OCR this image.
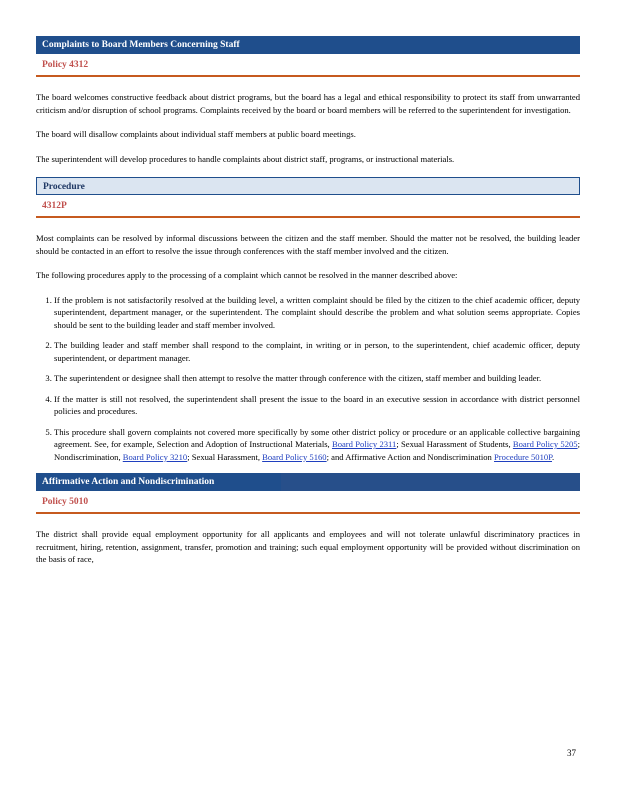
Complaints to Board Members Concerning Staff
Policy 4312

The board welcomes constructive feedback about district programs, but the board has a legal and ethical responsibility to protect its staff from unwarranted criticism and/or disruption of school programs. Complaints received by the board or board members will be referred to the superintendent for investigation.

The board will disallow complaints about individual staff members at public board meetings.

The superintendent will develop procedures to handle complaints about district staff, programs, or instructional materials.

Procedure
4312P

Most complaints can be resolved by informal discussions between the citizen and the staff member. Should the matter not be resolved, the building leader should be contacted in an effort to resolve the issue through conferences with the staff member involved and the citizen.

The following procedures apply to the processing of a complaint which cannot be resolved in the manner described above:

1. If the problem is not satisfactorily resolved at the building level, a written complaint should be filed by the citizen to the chief academic officer, deputy superintendent, department manager, or the superintendent. The complaint should describe the problem and what solution seems appropriate. Copies should be sent to the building leader and staff member involved.
2. The building leader and staff member shall respond to the complaint, in writing or in person, to the superintendent, chief academic officer, deputy superintendent, or department manager.
3. The superintendent or designee shall then attempt to resolve the matter through conference with the citizen, staff member and building leader.
4. If the matter is still not resolved, the superintendent shall present the issue to the board in an executive session in accordance with district personnel policies and procedures.
5. This procedure shall govern complaints not covered more specifically by some other district policy or procedure or an applicable collective bargaining agreement. See, for example, Selection and Adoption of Instructional Materials, Board Policy 2311; Sexual Harassment of Students, Board Policy 5205; Nondiscrimination, Board Policy 3210; Sexual Harassment, Board Policy 5160; and Affirmative Action and Nondiscrimination Procedure 5010P.
Affirmative Action and Nondiscrimination
Policy 5010

The district shall provide equal employment opportunity for all applicants and employees and will not tolerate unlawful discriminatory practices in recruitment, hiring, retention, assignment, transfer, promotion and training; such equal employment opportunity will be provided without discrimination on the basis of race,

37
